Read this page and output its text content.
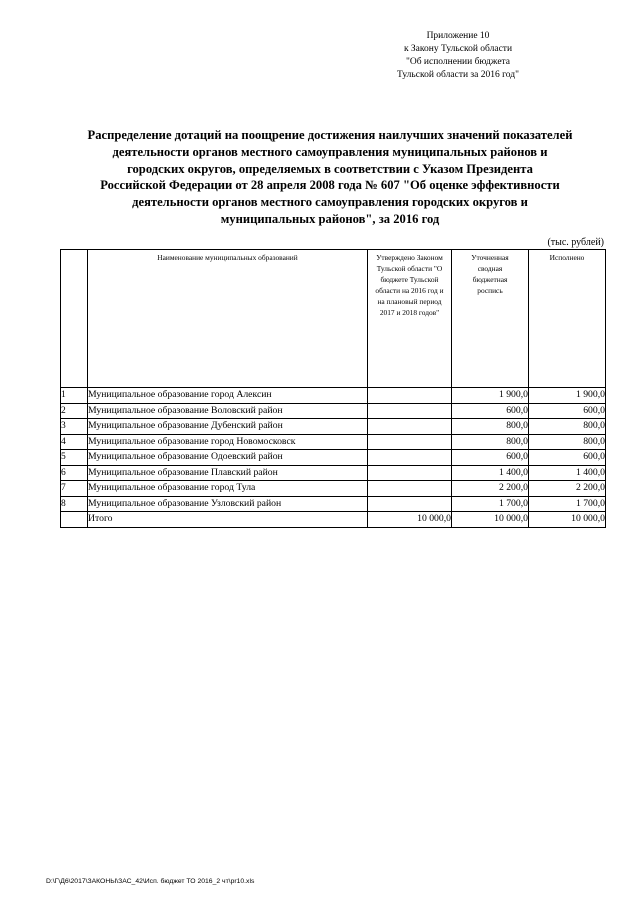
Приложение 10
к Закону Тульской области
"Об исполнении бюджета
Тульской области за 2016 год"
Распределение дотаций на поощрение достижения наилучших значений показателей
деятельности органов местного самоуправления муниципальных районов и
городских округов, определяемых в соответствии с Указом Президента
Российской Федерации от 28 апреля 2008 года № 607 "Об оценке эффективности
деятельности органов местного самоуправления городских округов и
муниципальных районов", за 2016 год
(тыс. рублей)
	Наименование муниципальных образований	Утверждено Законом Тульской области "О бюджете Тульской области на 2016 год и на плановый период 2017 и 2018 годов"	Уточненная сводная бюджетная роспись	Исполнено
1	Муниципальное образование город Алексин		1 900,0	1 900,0
2	Муниципальное образование Воловский район		600,0	600,0
3	Муниципальное образование Дубенский район		800,0	800,0
4	Муниципальное образование город Новомосковск		800,0	800,0
5	Муниципальное образование Одоевский район		600,0	600,0
6	Муниципальное образование Плавский район		1 400,0	1 400,0
7	Муниципальное образование город Тула		2 200,0	2 200,0
8	Муниципальное образование Узловский район		1 700,0	1 700,0
	Итого	10 000,0	10 000,0	10 000,0
D:\Г\Д6\2017\ЗАКОНЫ\ЗАС_42\Исп. бюджет ТО 2016_2 чт\pr10.xls
